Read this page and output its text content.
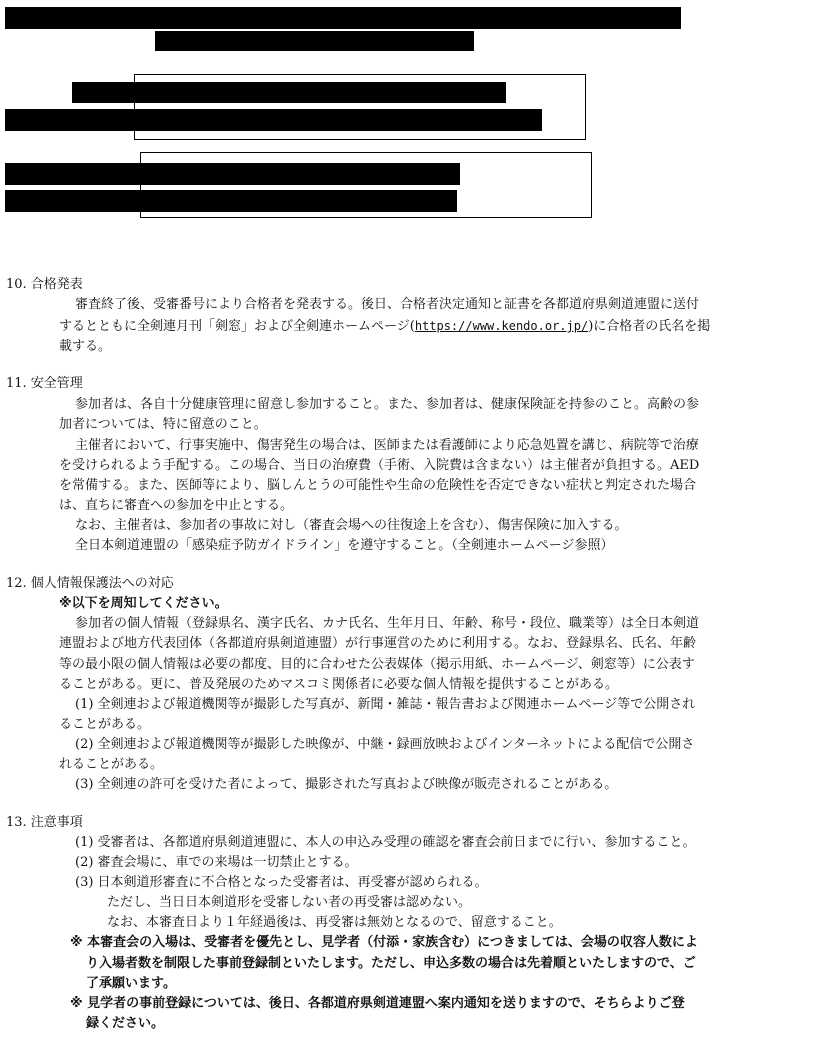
10. 合格発表
審査終了後、受審番号により合格者を発表する。後日、合格者決定通知と証書を各都道府県剣道連盟に送付
するとともに全剣連月刊「剣窓」および全剣連ホームページ(https://www.kendo.or.jp/)に合格者の氏名を掲
載する。
11. 安全管理
参加者は、各自十分健康管理に留意し参加すること。また、参加者は、健康保険証を持参のこと。高齢の参
加者については、特に留意のこと。
主催者において、行事実施中、傷害発生の場合は、医師または看護師により応急処置を講じ、病院等で治療
を受けられるよう手配する。この場合、当日の治療費（手術、入院費は含まない）は主催者が負担する。AED
を常備する。また、医師等により、脳しんとうの可能性や生命の危険性を否定できない症状と判定された場合
は、直ちに審査への参加を中止とする。
なお、主催者は、参加者の事故に対し（審査会場への往復途上を含む）、傷害保険に加入する。
全日本剣道連盟の「感染症予防ガイドライン」を遵守すること。（全剣連ホームページ参照）
12. 個人情報保護法への対応
※以下を周知してください。
参加者の個人情報（登録県名、漢字氏名、カナ氏名、生年月日、年齢、称号・段位、職業等）は全日本剣道
連盟および地方代表団体（各都道府県剣道連盟）が行事運営のために利用する。なお、登録県名、氏名、年齢
等の最小限の個人情報は必要の都度、目的に合わせた公表媒体（掲示用紙、ホームページ、剣窓等）に公表す
ることがある。更に、普及発展のためマスコミ関係者に必要な個人情報を提供することがある。
(1) 全剣連および報道機関等が撮影した写真が、新聞・雑誌・報告書および関連ホームページ等で公開され
ることがある。
(2) 全剣連および報道機関等が撮影した映像が、中継・録画放映およびインターネットによる配信で公開さ
れることがある。
(3) 全剣連の許可を受けた者によって、撮影された写真および映像が販売されることがある。
13. 注意事項
(1) 受審者は、各都道府県剣道連盟に、本人の申込み受理の確認を審査会前日までに行い、参加すること。
(2) 審査会場に、車での来場は一切禁止とする。
(3) 日本剣道形審査に不合格となった受審者は、再受審が認められる。
ただし、当日日本剣道形を受審しない者の再受審は認めない。
なお、本審査日より１年経過後は、再受審は無効となるので、留意すること。
※ 本審査会の入場は、受審者を優先とし、見学者（付添・家族含む）につきましては、会場の収容人数によ
り入場者数を制限した事前登録制といたします。ただし、申込多数の場合は先着順といたしますので、ご
了承願います。
※ 見学者の事前登録については、後日、各都道府県剣道連盟へ案内通知を送りますので、そちらよりご登
録ください。
